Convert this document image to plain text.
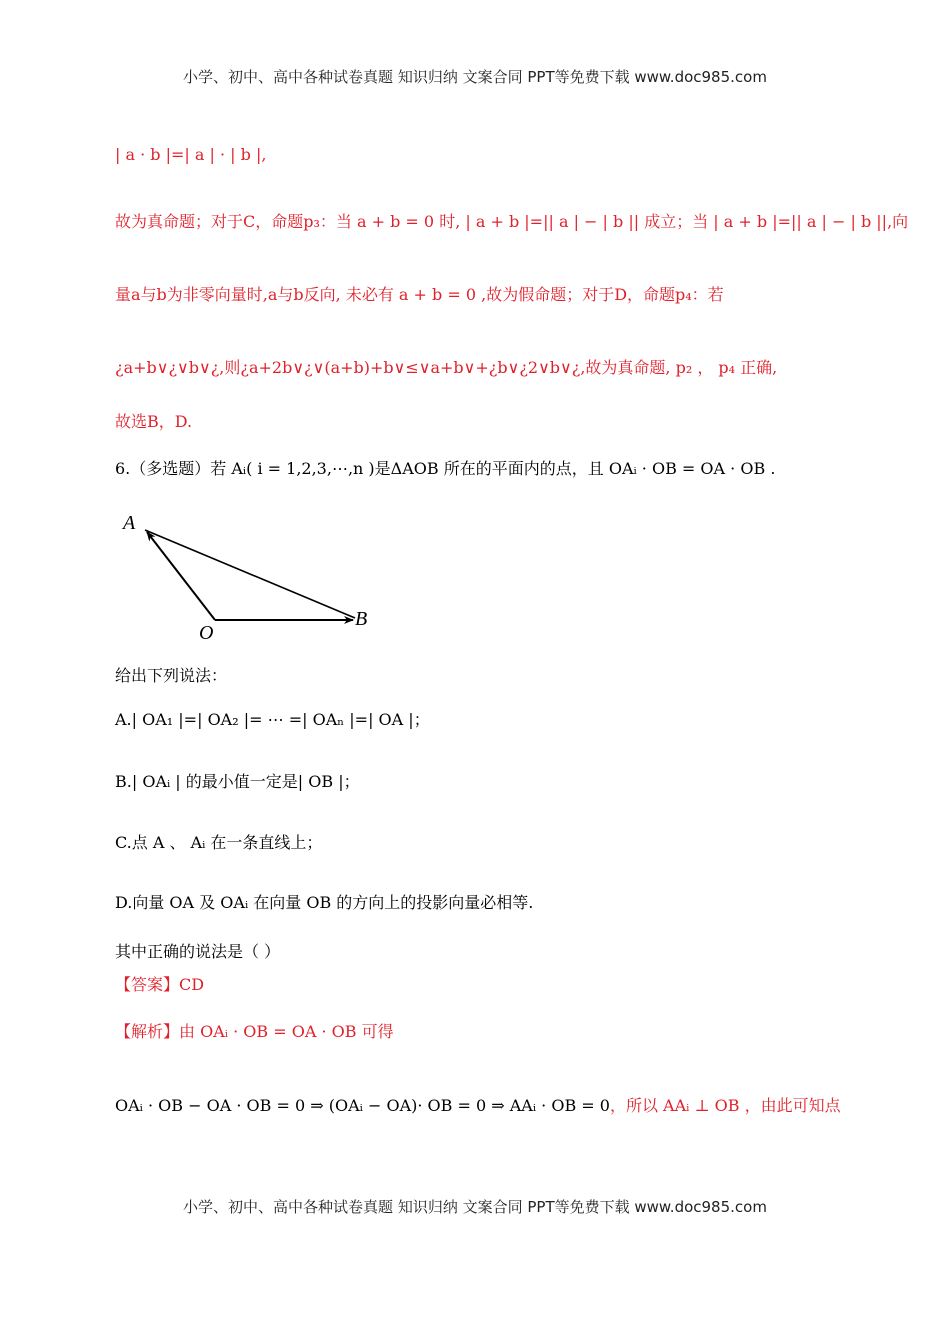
小学、初中、高中各种试卷真题 知识归纳 文案合同 PPT等免费下载 www.doc985.com
| a · b |=| a | · | b |,
故为真命题；对于C，命题p₃：当 a + b = 0 时, | a + b |=|| a | − | b || 成立；当 | a + b |=|| a | − | b ||,向
量a与b为非零向量时,a与b反向, 未必有 a + b = 0 ,故为假命题；对于D，命题p₄：若
¿a+b∨¿∨b∨¿,则¿a+2b∨¿∨(a+b)+b∨≤∨a+b∨+¿b∨¿2∨b∨¿,故为真命题, p₂ ， p₄ 正确,
故选B，D.
6.（多选题）若 Aᵢ( i = 1,2,3,⋯,n )是ΔAOB 所在的平面内的点，且 OAᵢ · OB = OA · OB .
A
O
B
给出下列说法：
A.| OA₁ |=| OA₂ |= ⋯ =| OAₙ |=| OA |；
B.| OAᵢ | 的最小值一定是| OB |；
C.点 A 、 Aᵢ 在一条直线上；
D.向量 OA 及 OAᵢ 在向量 OB 的方向上的投影向量必相等.
其中正确的说法是（ ）
【答案】CD
【解析】由 OAᵢ · OB = OA · OB 可得
OAᵢ · OB − OA · OB = 0 ⇒ (OAᵢ − OA)· OB = 0 ⇒ AAᵢ · OB = 0，所以 AAᵢ ⊥ OB ，由此可知点
小学、初中、高中各种试卷真题 知识归纳 文案合同 PPT等免费下载 www.doc985.com
